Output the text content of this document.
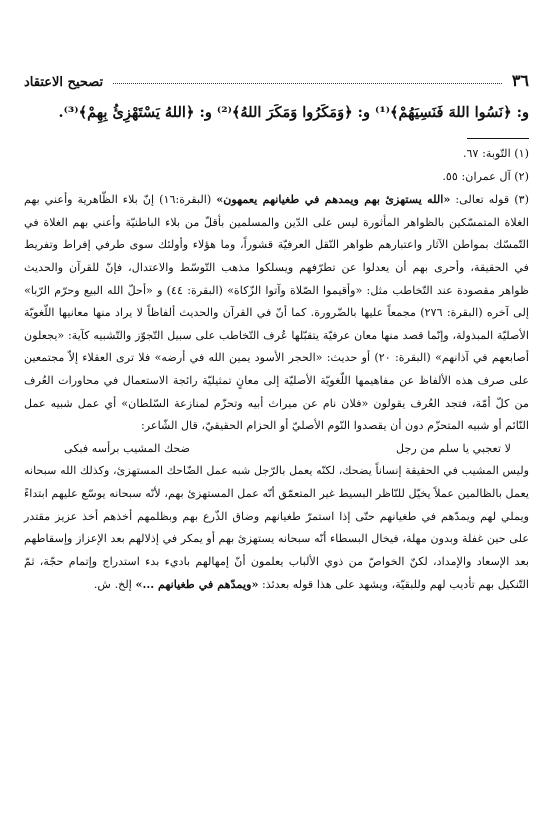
٣٦
تصحيح الاعتقاد
و: ﴿نَسُوا اللهَ فَنَسِيَهُمْ﴾⁽¹⁾ و: ﴿وَمَكَرُوا وَمَكَرَ اللهُ﴾⁽²⁾ و: ﴿اللهُ يَسْتَهْزِئُ بِهِمْ﴾⁽³⁾.

(١) التّوبة: ٦٧.

(٢) آل عمران: ٥٥.

(٣) قوله تعالى: «الله يستهزئ بهم ويمدهم في طغيانهم يعمهون» (البقرة:١٦) إنّ بلاء الظّاهرية وأعني بهم الغلاة المتمسّكين بالظواهر المأثورة ليس على الدّين والمسلمين بأقلّ من بلاء الباطنيّة وأعني بهم الغلاة في التّمسّك بمواطن الآثار واعتبارهم ظواهر النّقل العرفيّة قشوراً، وما هؤلاء وأولئك سوى طرفي إفراط وتفريط في الحقيقة، وأحرى بهم أن يعدلوا عن تطرّفهم ويسلكوا مذهب التّوسّط والاعتدال، فإنّ للقرآن والحديث ظواهر مقصودة عند التّخاطب مثل: «وأقيموا الصّلاة وآتوا الزّكاة» (البقرة: ٤٤) و «أحلّ الله البيع وحرّم الرّبا» إلى آخره (البقرة: ٢٧٦) مجمعاً عليها بالضّرورة. كما أنّ في القرآن والحديث ألفاظاً لا يراد منها معانيها اللّغويّة الأصليّة المبذولة، وإنّما قصد منها معان عرفيّة يتقبّلها عُرف التّخاطب على سبيل التّجوّز والتّشبيه كآية: «يجعلون أصابعهم في آذانهم» (البقرة: ٢٠) أو حديث: «الحجر الأسود يمين الله في أرضه» فلا ترى العقلاء إلاّ مجتمعين على صرف هذه الألفاظ عن مفاهيمها اللّغويّة الأصليّة إلى معانٍ تمثيليّة رائجة الاستعمال في محاورات العُرف من كلّ أمّة، فتجد العُرف يقولون «فلان نام عن ميراث أبيه وتحزّم لمنازعة السّلطان» أي عمل شبيه عمل النّائم أو شبيه المتحزّم دون أن يقصدوا النّوم الأصليّ أو الحزام الحقيقيّ، قال الشّاعر:

لا تعجبي يا سلم من رجل
ضحك المشيب برأسه فبكى

وليس المشيب في الحقيقة إنساناً يضحك، لكنّه يعمل بالرّجل شبه عمل الضّاحك المستهزئ، وكذلك الله سبحانه يعمل بالظالمين عملاً يخيّل للنّاظر البسيط غير المتعمّق أنّه عمل المستهزئ بهم، لأنّه سبحانه يوسّع عليهم ابتداءً ويملي لهم ويمدّهم في طغيانهم حتّى إذا استمرّ طغيانهم وضاق الذّرع بهم وبظلمهم أخذهم أخذ عزيز مقتدر على حين غفلة وبدون مهلة، فيخال البسطاء أنّه سبحانه يستهزئ بهم أو يمكر في إذلالهم بعد الإعزاز وإسقاطهم بعد الإسعاد والإمداد، لكنّ الخواصّ من ذوي الألباب يعلمون أنّ إمهالهم باديء بدء استدراج وإتمام حجّة، ثمّ التّنكيل بهم تأديب لهم وللبقيّة، ويشهد على هذا قوله بعدئذ: «ويمدّهم في طغيانهم ...» إلخ. ش.
